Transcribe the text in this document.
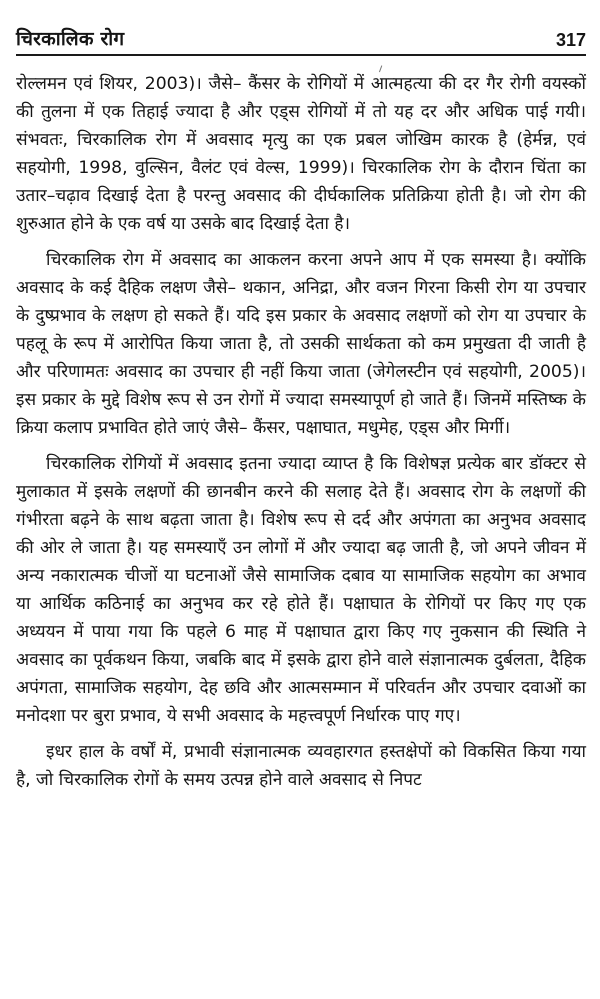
चिरकालिक रोग	317

रोल्लमन एवं शियर, 2003)। जैसे– कैंसर के रोगियों में आत्महत्या की दर गैर रोगी वयस्कों की तुलना में एक तिहाई ज्यादा है और एड्स रोगियों में तो यह दर और अधिक पाई गयी। संभवतः, चिरकालिक रोग में अवसाद मृत्यु का एक प्रबल जोखिम कारक है (हेर्मन्न, एवं सहयोगी, 1998, वुल्सिन, वैलंट एवं वेल्स, 1999)। चिरकालिक रोग के दौरान चिंता का उतार–चढ़ाव दिखाई देता है परन्तु अवसाद की दीर्घकालिक प्रतिक्रिया होती है। जो रोग की शुरुआत होने के एक वर्ष या उसके बाद दिखाई देता है।

चिरकालिक रोग में अवसाद का आकलन करना अपने आप में एक समस्या है। क्योंकि अवसाद के कई दैहिक लक्षण जैसे– थकान, अनिद्रा, और वजन गिरना किसी रोग या उपचार के दुष्प्रभाव के लक्षण हो सकते हैं। यदि इस प्रकार के अवसाद लक्षणों को रोग या उपचार के पहलू के रूप में आरोपित किया जाता है, तो उसकी सार्थकता को कम प्रमुखता दी जाती है और परिणामतः अवसाद का उपचार ही नहीं किया जाता (जेगेलस्टीन एवं सहयोगी, 2005)। इस प्रकार के मुद्दे विशेष रूप से उन रोगों में ज्यादा समस्यापूर्ण हो जाते हैं। जिनमें मस्तिष्क के क्रिया कलाप प्रभावित होते जाएं जैसे– कैंसर, पक्षाघात, मधुमेह, एड्स और मिर्गी।

चिरकालिक रोगियों में अवसाद इतना ज्यादा व्याप्त है कि विशेषज्ञ प्रत्येक बार डॉक्टर से मुलाकात में इसके लक्षणों की छानबीन करने की सलाह देते हैं। अवसाद रोग के लक्षणों की गंभीरता बढ़ने के साथ बढ़ता जाता है। विशेष रूप से दर्द और अपंगता का अनुभव अवसाद की ओर ले जाता है। यह समस्याएँ उन लोगों में और ज्यादा बढ़ जाती है, जो अपने जीवन में अन्य नकारात्मक चीजों या घटनाओं जैसे सामाजिक दबाव या सामाजिक सहयोग का अभाव या आर्थिक कठिनाई का अनुभव कर रहे होते हैं। पक्षाघात के रोगियों पर किए गए एक अध्ययन में पाया गया कि पहले 6 माह में पक्षाघात द्वारा किए गए नुकसान की स्थिति ने अवसाद का पूर्वकथन किया, जबकि बाद में इसके द्वारा होने वाले संज्ञानात्मक दुर्बलता, दैहिक अपंगता, सामाजिक सहयोग, देह छवि और आत्मसम्मान में परिवर्तन और उपचार दवाओं का मनोदशा पर बुरा प्रभाव, ये सभी अवसाद के महत्त्वपूर्ण निर्धारक पाए गए।

इधर हाल के वर्षों में, प्रभावी संज्ञानात्मक व्यवहारगत हस्तक्षेपों को विकसित किया गया है, जो चिरकालिक रोगों के समय उत्पन्न होने वाले अवसाद से निपट
